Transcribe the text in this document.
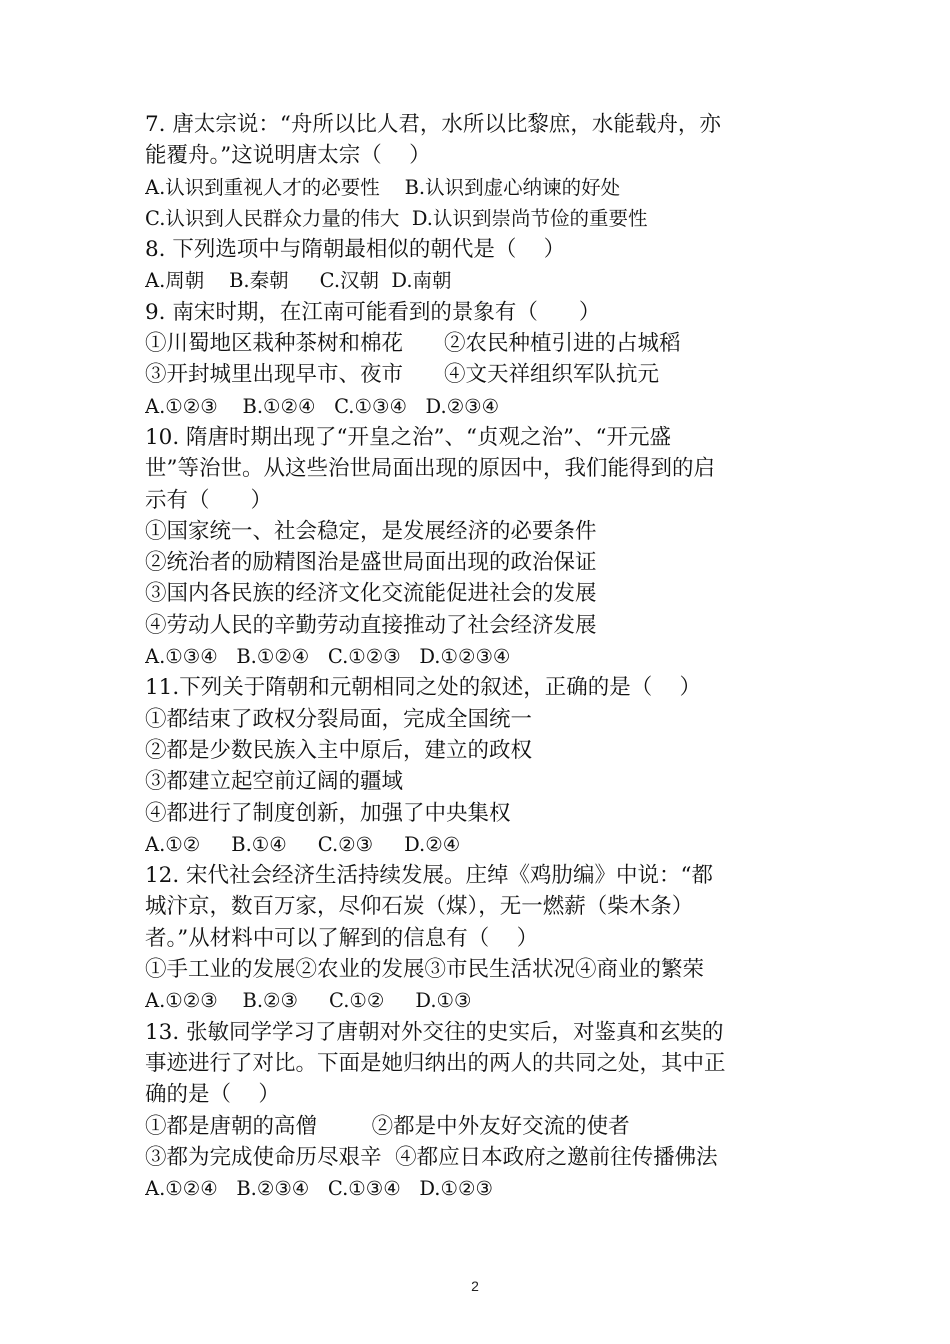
7. 唐太宗说：“舟所以比人君，水所以比黎庶，水能载舟，亦
能覆舟。”这说明唐太宗（    ）
A.认识到重视人才的必要性    B.认识到虚心纳谏的好处
C.认识到人民群众力量的伟大  D.认识到崇尚节俭的重要性
8. 下列选项中与隋朝最相似的朝代是（    ）
A.周朝    B.秦朝     C.汉朝  D.南朝
9. 南宋时期，在江南可能看到的景象有（      ）
①川蜀地区栽种茶树和棉花      ②农民种植引进的占城稻
③开封城里出现早市、夜市      ④文天祥组织军队抗元
A.①②③    B.①②④   C.①③④   D.②③④
10. 隋唐时期出现了“开皇之治”、“贞观之治”、“开元盛
世”等治世。从这些治世局面出现的原因中，我们能得到的启
示有（      ）
①国家统一、社会稳定，是发展经济的必要条件
②统治者的励精图治是盛世局面出现的政治保证
③国内各民族的经济文化交流能促进社会的发展
④劳动人民的辛勤劳动直接推动了社会经济发展
A.①③④   B.①②④   C.①②③   D.①②③④
11.下列关于隋朝和元朝相同之处的叙述，正确的是（    ）
①都结束了政权分裂局面，完成全国统一
②都是少数民族入主中原后，建立的政权
③都建立起空前辽阔的疆域
④都进行了制度创新，加强了中央集权
A.①②     B.①④     C.②③     D.②④
12. 宋代社会经济生活持续发展。庄绰《鸡肋编》中说：“都
城汴京，数百万家，尽仰石炭（煤），无一燃薪（柴木条）
者。”从材料中可以了解到的信息有（    ）
①手工业的发展②农业的发展③市民生活状况④商业的繁荣
A.①②③    B.②③     C.①②     D.①③
13. 张敏同学学习了唐朝对外交往的史实后，对鉴真和玄奘的
事迹进行了对比。下面是她归纳出的两人的共同之处，其中正
确的是（    ）
①都是唐朝的高僧        ②都是中外友好交流的使者
③都为完成使命历尽艰辛  ④都应日本政府之邀前往传播佛法
A.①②④   B.②③④   C.①③④   D.①②③
2
